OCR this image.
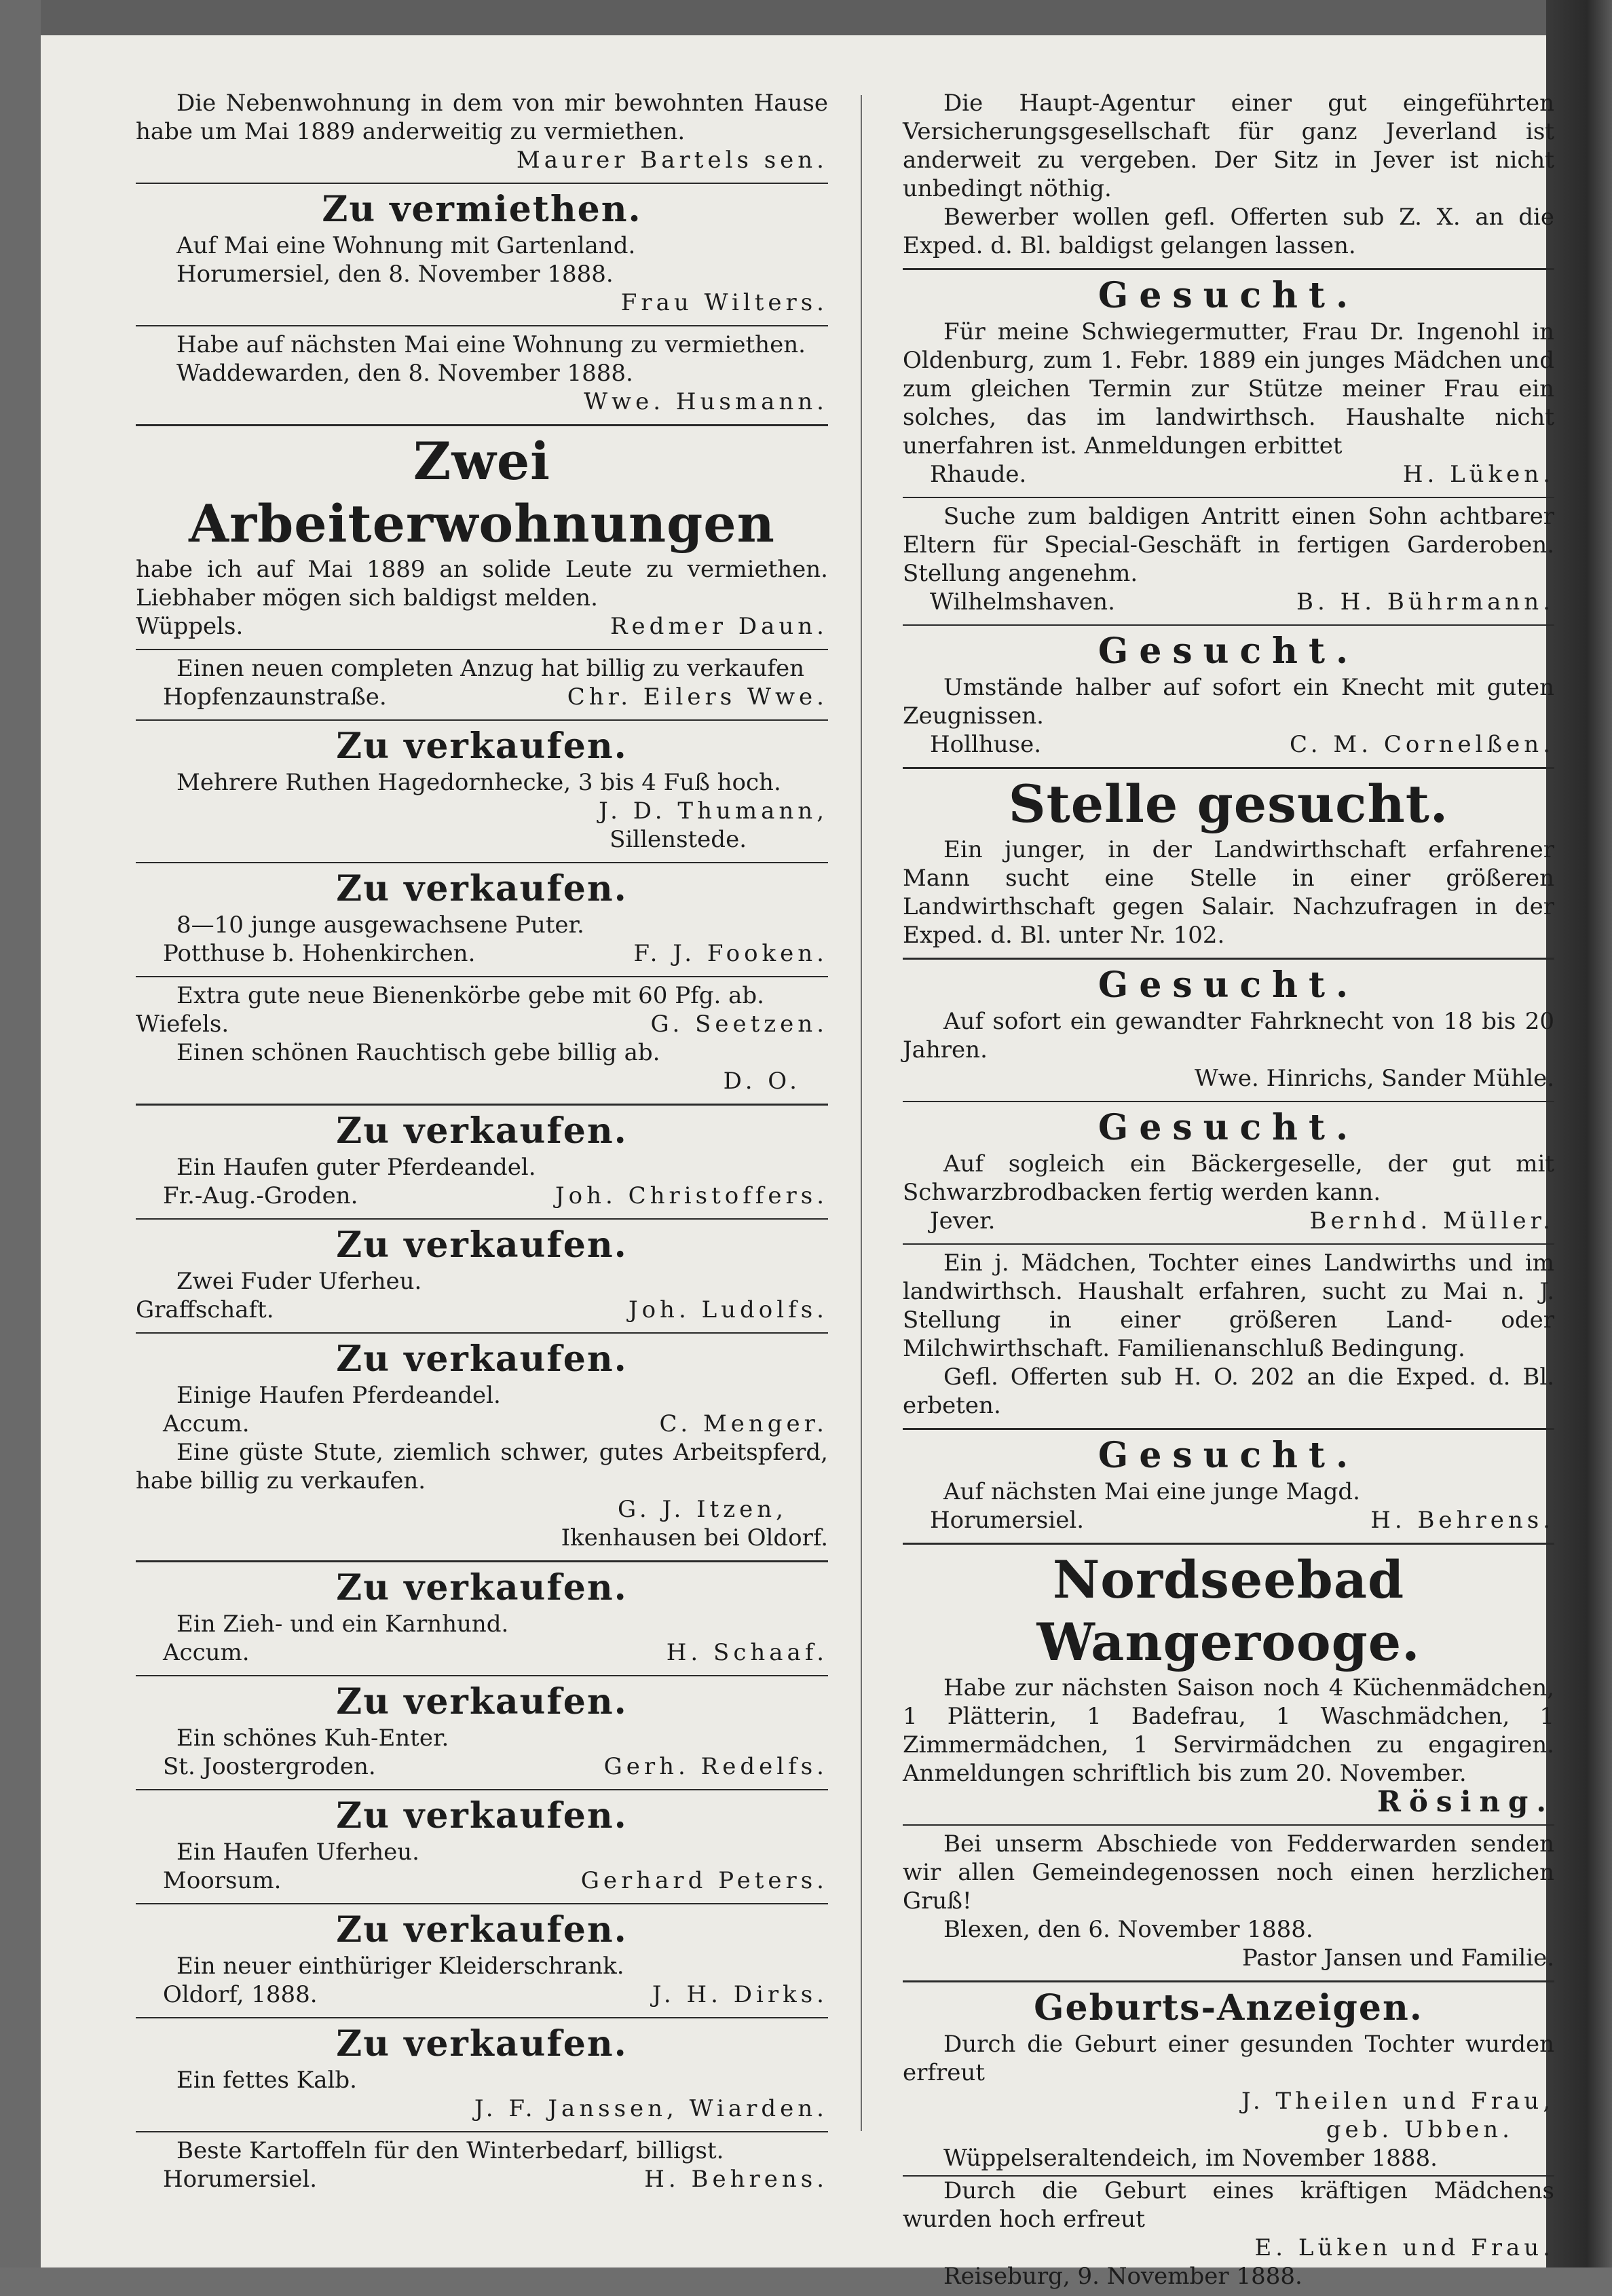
Die Nebenwohnung in dem von mir bewohnten Hause habe um Mai 1889 anderweitig zu vermiethen.

Maurer Bartels sen.

Zu vermiethen.

Auf Mai eine Wohnung mit Gartenland.

Horumersiel, den 8. November 1888.

Frau Wilters.

Habe auf nächsten Mai eine Wohnung zu vermiethen.

Waddewarden, den 8. November 1888.

Wwe. Husmann.

Zwei Arbeiterwohnungen

habe ich auf Mai 1889 an solide Leute zu vermiethen. Liebhaber mögen sich baldigst melden.

Wüppels.	Redmer Daun.

Einen neuen completen Anzug hat billig zu verkaufen

Hopfenzaunstraße.	Chr. Eilers Wwe.
Zu verkaufen.

Mehrere Ruthen Hagedornhecke, 3 bis 4 Fuß hoch.

J. D. Thumann,

Sillenstede.

Zu verkaufen.

8—10 junge ausgewachsene Puter.

Potthuse b. Hohenkirchen.	F. J. Fooken.

Extra gute neue Bienenkörbe gebe mit 60 Pfg. ab.

Wiefels.	G. Seetzen.

Einen schönen Rauchtisch gebe billig ab.

D. O.

Zu verkaufen.

Ein Haufen guter Pferdeandel.

Fr.-Aug.-Groden.	Joh. Christoffers.
Zu verkaufen.

Zwei Fuder Uferheu.

Graffschaft.	Joh. Ludolfs.
Zu verkaufen.

Einige Haufen Pferdeandel.

Accum.	C. Menger.

Eine güste Stute, ziemlich schwer, gutes Arbeitspferd, habe billig zu verkaufen.

G. J. Itzen,

Ikenhausen bei Oldorf.

Zu verkaufen.

Ein Zieh- und ein Karnhund.

Accum.	H. Schaaf.
Zu verkaufen.

Ein schönes Kuh-Enter.

St. Joostergroden.	Gerh. Redelfs.
Zu verkaufen.

Ein Haufen Uferheu.

Moorsum.	Gerhard Peters.
Zu verkaufen.

Ein neuer einthüriger Kleiderschrank.

Oldorf, 1888.	J. H. Dirks.
Zu verkaufen.

Ein fettes Kalb.

J. F. Janssen, Wiarden.

Beste Kartoffeln für den Winterbedarf, billigst.

Horumersiel.	H. Behrens.

Die Haupt-Agentur einer gut eingeführten Versicherungsgesellschaft für ganz Jeverland ist anderweit zu vergeben. Der Sitz in Jever ist nicht unbedingt nöthig.

Bewerber wollen gefl. Offerten sub Z. X. an die Exped. d. Bl. baldigst gelangen lassen.

Gesucht.

Für meine Schwiegermutter, Frau Dr. Ingenohl in Oldenburg, zum 1. Febr. 1889 ein junges Mädchen und zum gleichen Termin zur Stütze meiner Frau ein solches, das im landwirthsch. Haushalte nicht unerfahren ist. Anmeldungen erbittet

Rhaude.	H. Lüken.

Suche zum baldigen Antritt einen Sohn achtbarer Eltern für Special-Geschäft in fertigen Garderoben. Stellung angenehm.

Wilhelmshaven.	B. H. Bührmann.
Gesucht.

Umstände halber auf sofort ein Knecht mit guten Zeugnissen.

Hollhuse.	C. M. Cornelßen.
Stelle gesucht.

Ein junger, in der Landwirthschaft erfahrener Mann sucht eine Stelle in einer größeren Landwirthschaft gegen Salair. Nachzufragen in der Exped. d. Bl. unter Nr. 102.

Gesucht.

Auf sofort ein gewandter Fahrknecht von 18 bis 20 Jahren.

Wwe. Hinrichs, Sander Mühle.

Gesucht.

Auf sogleich ein Bäckergeselle, der gut mit Schwarzbrodbacken fertig werden kann.

Jever.	Bernhd. Müller.

Ein j. Mädchen, Tochter eines Landwirths und im landwirthsch. Haushalt erfahren, sucht zu Mai n. J. Stellung in einer größeren Land- oder Milchwirthschaft. Familienanschluß Bedingung.

Gefl. Offerten sub H. O. 202 an die Exped. d. Bl. erbeten.

Gesucht.

Auf nächsten Mai eine junge Magd.

Horumersiel.	H. Behrens.
Nordseebad Wangerooge.

Habe zur nächsten Saison noch 4 Küchenmädchen, 1 Plätterin, 1 Badefrau, 1 Waschmädchen, 1 Zimmermädchen, 1 Servirmädchen zu engagiren. Anmeldungen schriftlich bis zum 20. November.

Rösing.

Bei unserm Abschiede von Fedderwarden senden wir allen Gemeindegenossen noch einen herzlichen Gruß!

Blexen, den 6. November 1888.

Pastor Jansen und Familie.

Geburts-Anzeigen.

Durch die Geburt einer gesunden Tochter wurden erfreut

J. Theilen und Frau,

geb. Ubben.

Wüppelseraltendeich, im November 1888.

Durch die Geburt eines kräftigen Mädchens wurden hoch erfreut

E. Lüken und Frau.

Reiseburg, 9. November 1888.
